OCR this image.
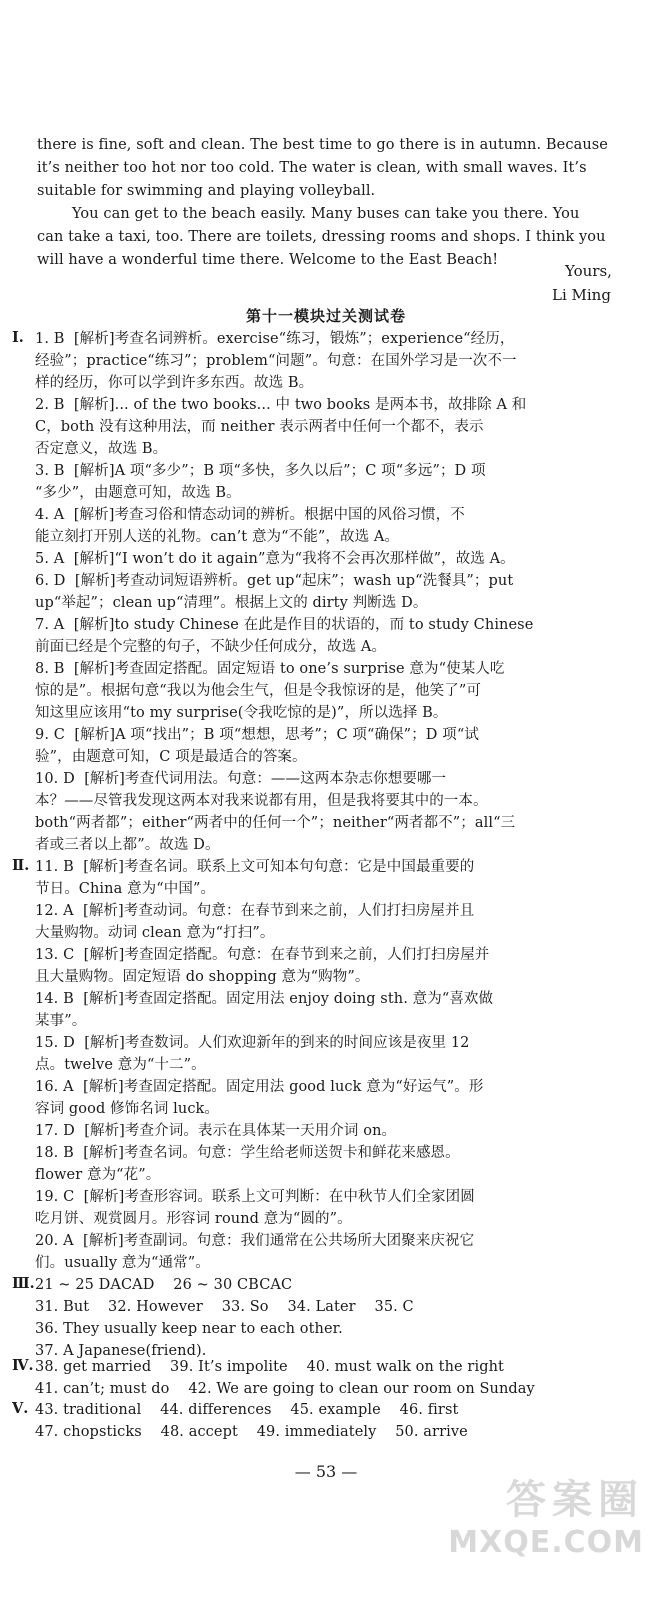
there is fine, soft and clean. The best time to go there is in autumn. Because
it’s neither too hot nor too cold. The water is clean, with small waves. It’s
suitable for swimming and playing volleyball.
You can get to the beach easily. Many buses can take you there. You
can take a taxi, too. There are toilets, dressing rooms and shops. I think you
will have a wonderful time there. Welcome to the East Beach!
Yours,
Li Ming
第十一模块过关测试卷
Ⅰ. 1. B  [解析]考查名词辨析。exercise“练习，锻炼”；experience“经历，
经验”；practice“练习”；problem“问题”。句意：在国外学习是一次不一
样的经历，你可以学到许多东西。故选 B。
2. B  [解析]... of the two books... 中 two books 是两本书，故排除 A 和
C，both 没有这种用法，而 neither 表示两者中任何一个都不，表示
否定意义，故选 B。
3. B  [解析]A 项“多少”；B 项“多快，多久以后”；C 项“多远”；D 项
“多少”，由题意可知，故选 B。
4. A  [解析]考查习俗和情态动词的辨析。根据中国的风俗习惯，不
能立刻打开别人送的礼物。can’t 意为“不能”，故选 A。
5. A  [解析]“I won’t do it again”意为“我将不会再次那样做”，故选 A。
6. D  [解析]考查动词短语辨析。get up“起床”；wash up“洗餐具”；put
up“举起”；clean up“清理”。根据上文的 dirty 判断选 D。
7. A  [解析]to study Chinese 在此是作目的状语的，而 to study Chinese
前面已经是个完整的句子，不缺少任何成分，故选 A。
8. B  [解析]考查固定搭配。固定短语 to one’s surprise 意为“使某人吃
惊的是”。根据句意“我以为他会生气，但是令我惊讶的是，他笑了”可
知这里应该用“to my surprise(令我吃惊的是)”，所以选择 B。
9. C  [解析]A 项“找出”；B 项“想想，思考”；C 项“确保”；D 项“试
验”，由题意可知，C 项是最适合的答案。
10. D  [解析]考查代词用法。句意：——这两本杂志你想要哪一
本？——尽管我发现这两本对我来说都有用，但是我将要其中的一本。
both“两者都”；either“两者中的任何一个”；neither“两者都不”；all“三
者或三者以上都”。故选 D。
Ⅱ. 11. B  [解析]考查名词。联系上文可知本句句意：它是中国最重要的
节日。China 意为“中国”。
12. A  [解析]考查动词。句意：在春节到来之前，人们打扫房屋并且
大量购物。动词 clean 意为“打扫”。
13. C  [解析]考查固定搭配。句意：在春节到来之前，人们打扫房屋并
且大量购物。固定短语 do shopping 意为“购物”。
14. B  [解析]考查固定搭配。固定用法 enjoy doing sth. 意为“喜欢做
某事”。
15. D  [解析]考查数词。人们欢迎新年的到来的时间应该是夜里 12
点。twelve 意为“十二”。
16. A  [解析]考查固定搭配。固定用法 good luck 意为“好运气”。形
容词 good 修饰名词 luck。
17. D  [解析]考查介词。表示在具体某一天用介词 on。
18. B  [解析]考查名词。句意：学生给老师送贺卡和鲜花来感恩。
flower 意为“花”。
19. C  [解析]考查形容词。联系上文可判断：在中秋节人们全家团圆
吃月饼、观赏圆月。形容词 round 意为“圆的”。
20. A  [解析]考查副词。句意：我们通常在公共场所大团聚来庆祝它
们。usually 意为“通常”。
Ⅲ. 21 ~ 25 DACAD    26 ~ 30 CBCAC
31. But    32. However    33. So    34. Later    35. C
36. They usually keep near to each other.
37. A Japanese(friend).
Ⅳ. 38. get married    39. It’s impolite    40. must walk on the right
41. can’t; must do    42. We are going to clean our room on Sunday
Ⅴ. 43. traditional    44. differences    45. example    46. first
47. chopsticks    48. accept    49. immediately    50. arrive
— 53 —
答案圈
MXQE.COM
